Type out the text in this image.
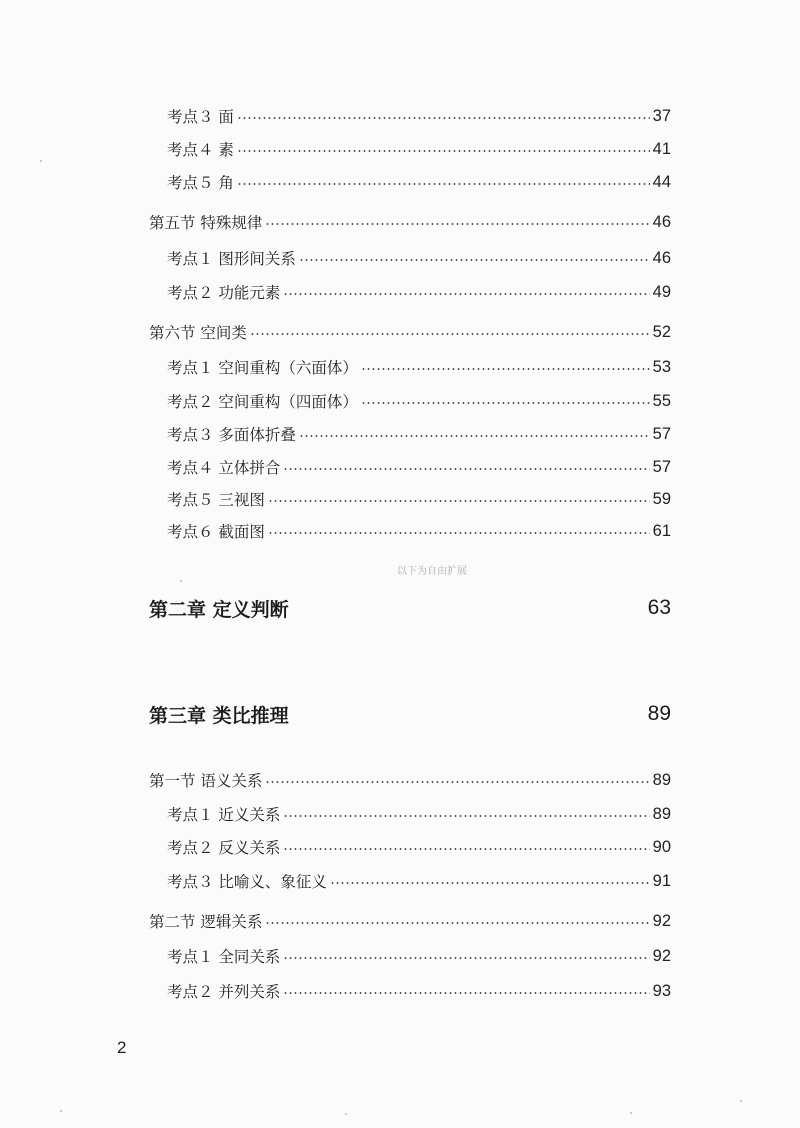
考点３ 面	37
考点４ 素	41
考点５ 角	44
第五节 特殊规律	46
考点１ 图形间关系	46
考点２ 功能元素	49
第六节 空间类	52
考点１ 空间重构（六面体）	53
考点２ 空间重构（四面体）	55
考点３ 多面体折叠	57
考点４ 立体拼合	57
考点５ 三视图	59
考点６ 截面图	61
以下为自由扩展
第二章 定义判断	63
第三章 类比推理	89
第一节 语义关系	89
考点１ 近义关系	89
考点２ 反义关系	90
考点３ 比喻义、象征义	91
第二节 逻辑关系	92
考点１ 全同关系	92
考点２ 并列关系	93
2
